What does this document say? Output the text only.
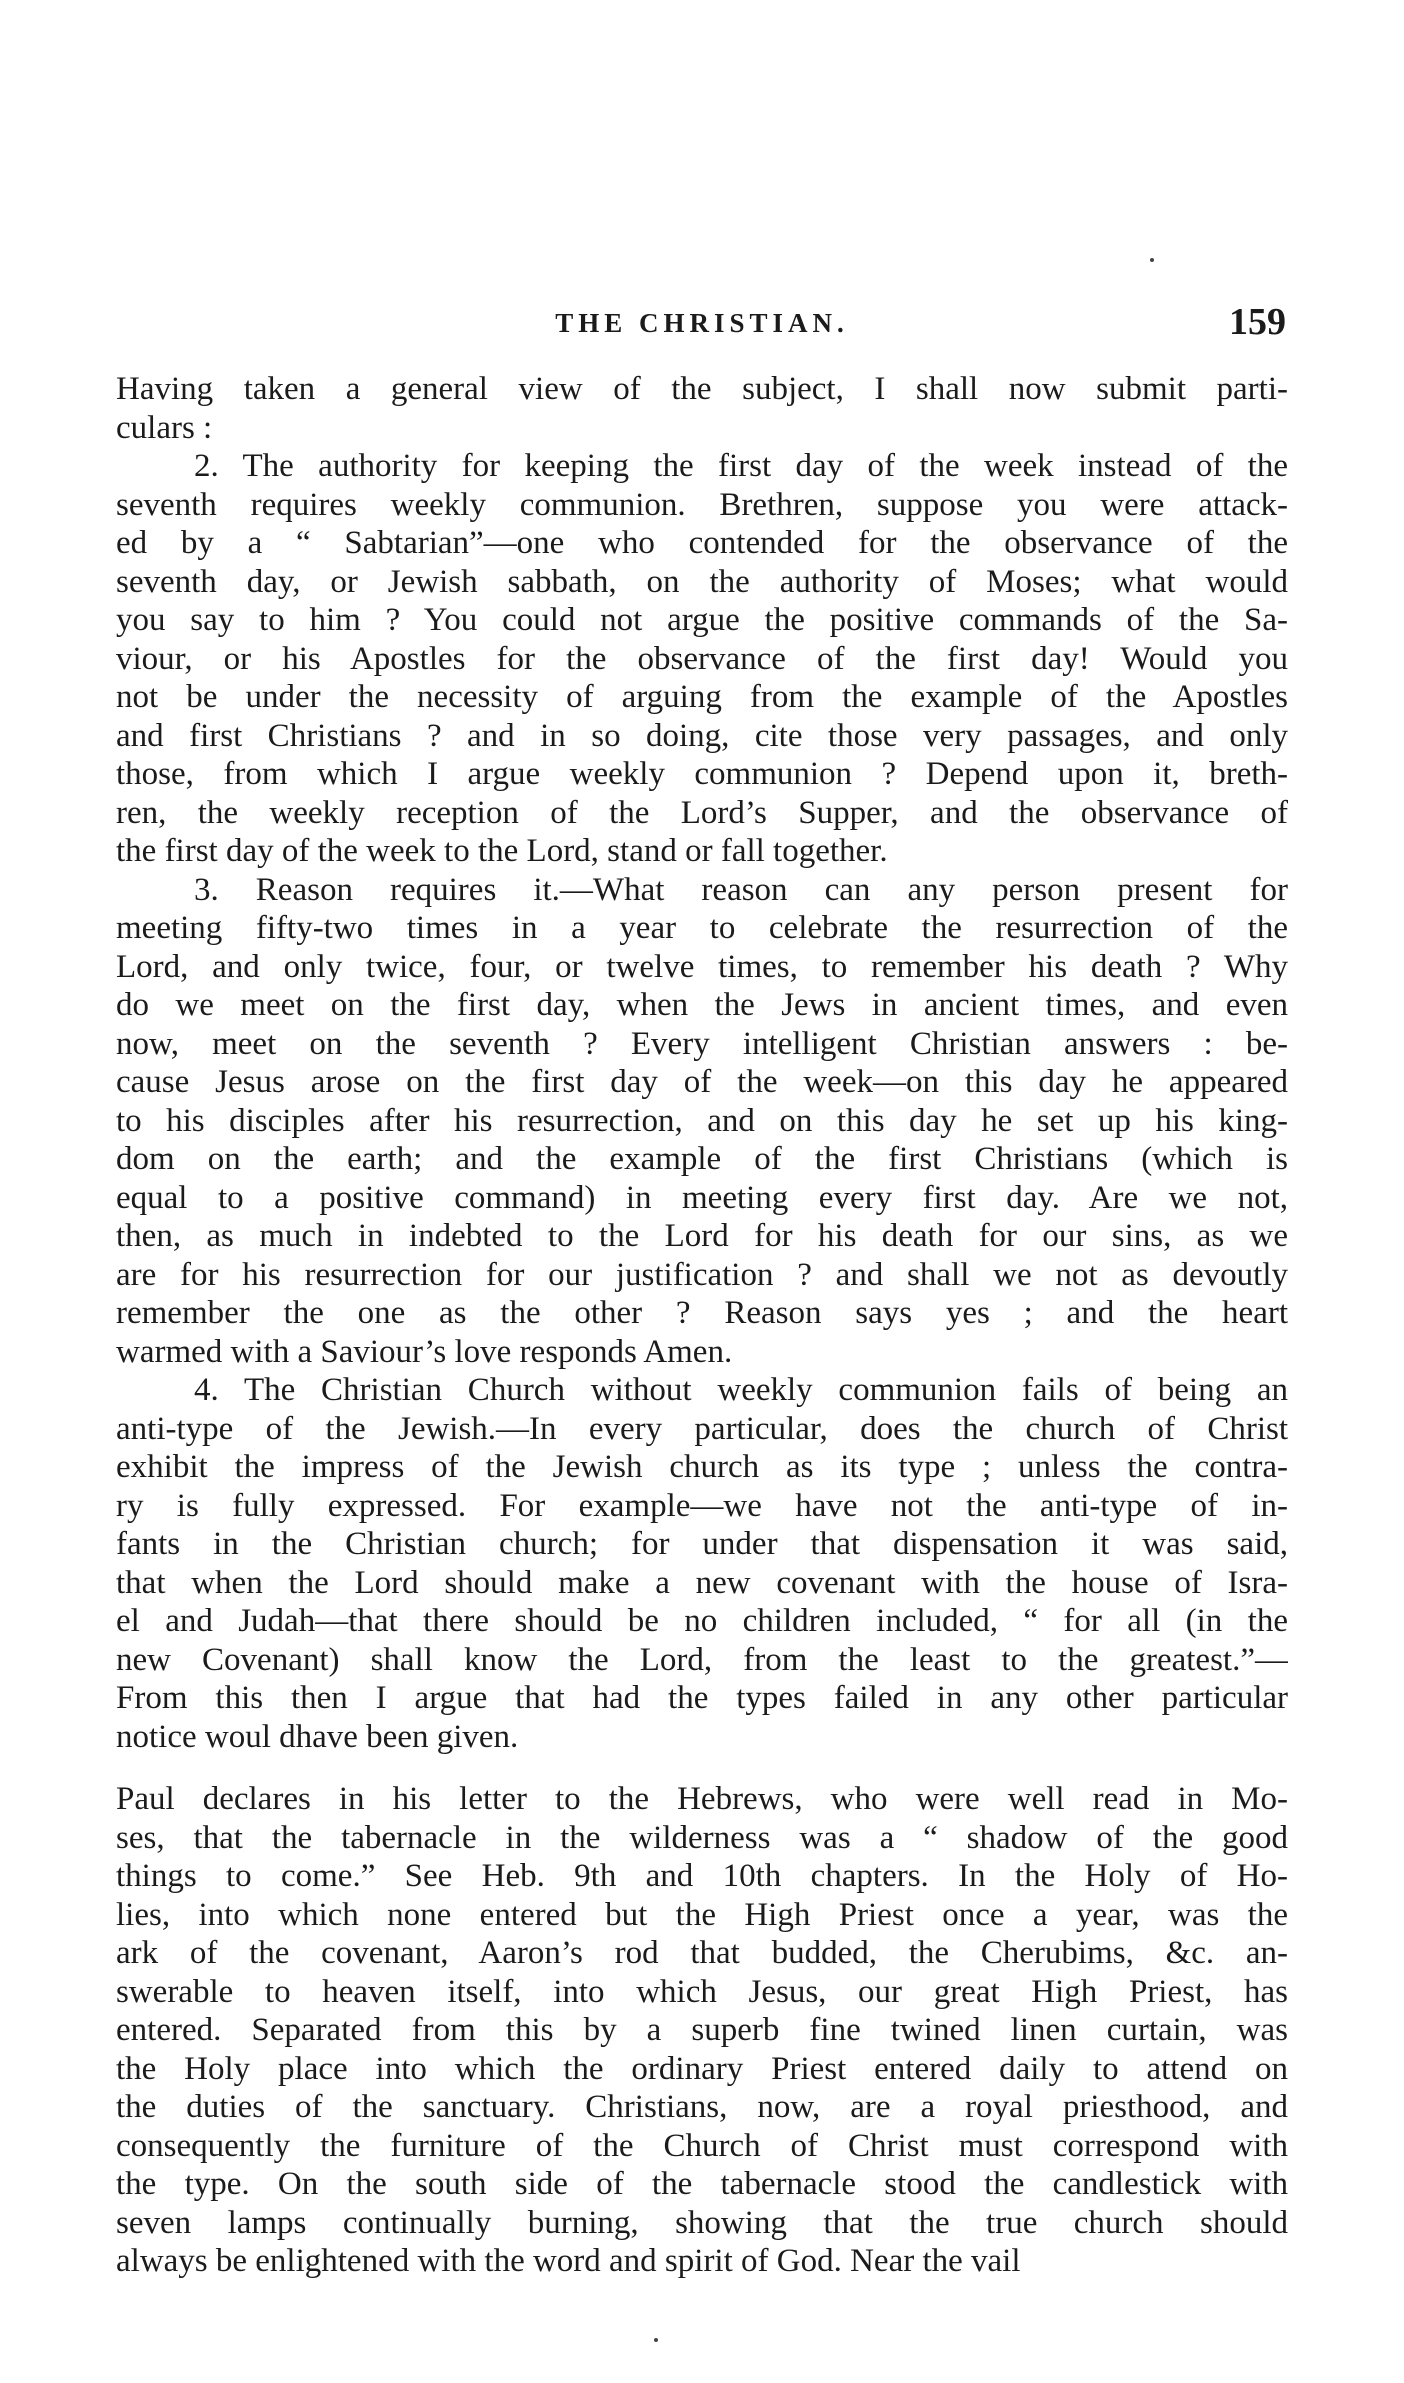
THE CHRISTIAN.	159
Having taken a general view of the subject, I shall now submit parti-
culars :
2. The authority for keeping the first day of the week instead of the
seventh requires weekly communion. Brethren, suppose you were attack-
ed by a “ Sabtarian”—one who contended for the observance of the
seventh day, or Jewish sabbath, on the authority of Moses; what would
you say to him ? You could not argue the positive commands of the Sa-
viour, or his Apostles for the observance of the first day! Would you
not be under the necessity of arguing from the example of the Apostles
and first Christians ? and in so doing, cite those very passages, and only
those, from which I argue weekly communion ? Depend upon it, breth-
ren, the weekly reception of the Lord’s Supper, and the observance of
the first day of the week to the Lord, stand or fall together.
3. Reason requires it.—What reason can any person present for
meeting fifty-two times in a year to celebrate the resurrection of the
Lord, and only twice, four, or twelve times, to remember his death ? Why
do we meet on the first day, when the Jews in ancient times, and even
now, meet on the seventh ? Every intelligent Christian answers : be-
cause Jesus arose on the first day of the week—on this day he appeared
to his disciples after his resurrection, and on this day he set up his king-
dom on the earth; and the example of the first Christians (which is
equal to a positive command) in meeting every first day. Are we not,
then, as much in indebted to the Lord for his death for our sins, as we
are for his resurrection for our justification ? and shall we not as devoutly
remember the one as the other ? Reason says yes ; and the heart
warmed with a Saviour’s love responds Amen.
4. The Christian Church without weekly communion fails of being an
anti-type of the Jewish.—In every particular, does the church of Christ
exhibit the impress of the Jewish church as its type ; unless the contra-
ry is fully expressed. For example—we have not the anti-type of in-
fants in the Christian church; for under that dispensation it was said,
that when the Lord should make a new covenant with the house of Isra-
el and Judah—that there should be no children included, “ for all (in the
new Covenant) shall know the Lord, from the least to the greatest.”—
From this then I argue that had the types failed in any other particular
notice woul dhave been given.
Paul declares in his letter to the Hebrews, who were well read in Mo-
ses, that the tabernacle in the wilderness was a “ shadow of the good
things to come.” See Heb. 9th and 10th chapters. In the Holy of Ho-
lies, into which none entered but the High Priest once a year, was the
ark of the covenant, Aaron’s rod that budded, the Cherubims, &c. an-
swerable to heaven itself, into which Jesus, our great High Priest, has
entered. Separated from this by a superb fine twined linen curtain, was
the Holy place into which the ordinary Priest entered daily to attend on
the duties of the sanctuary. Christians, now, are a royal priesthood, and
consequently the furniture of the Church of Christ must correspond with
the type. On the south side of the tabernacle stood the candlestick with
seven lamps continually burning, showing that the true church should
always be enlightened with the word and spirit of God. Near the vail
